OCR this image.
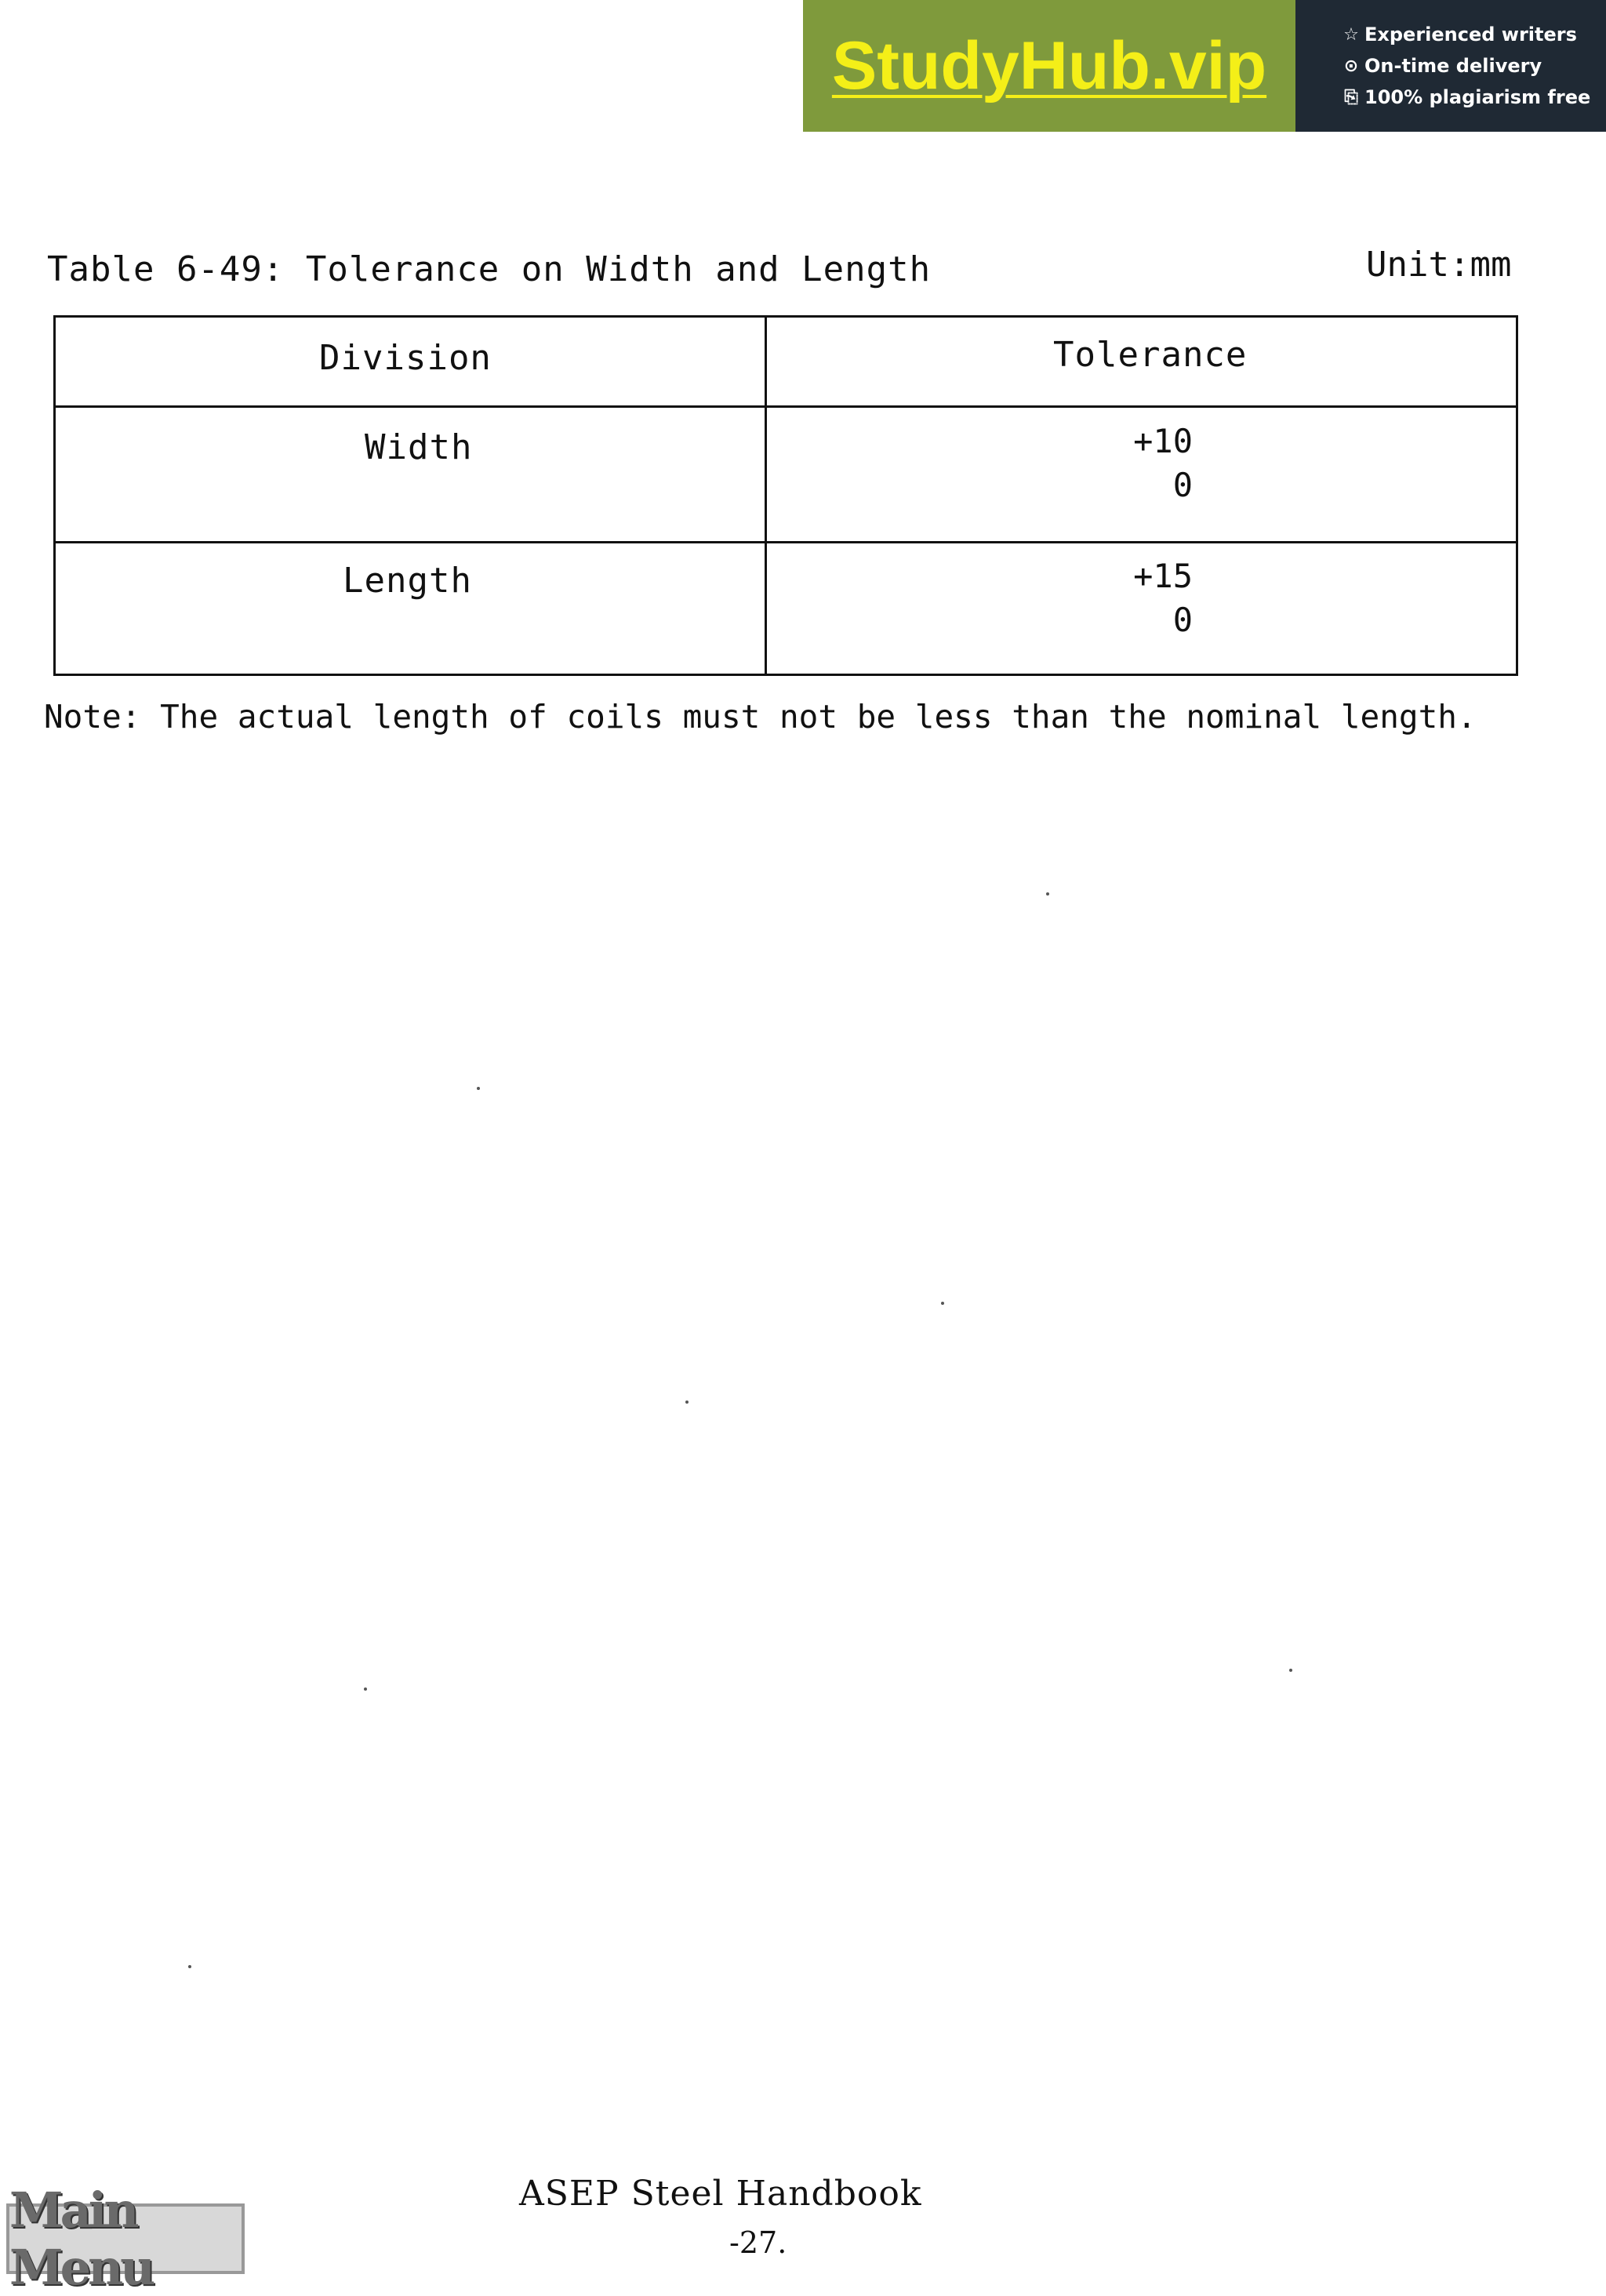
StudyHub.vip	☆ Experienced writers
⊙ On-time delivery
⎘ 100% plagiarism free
Table 6-49: Tolerance on Width and Length	Unit:mm
Division	Tolerance
Width	+10
0
Length	+15
0
Note: The actual length of coils must not be less than the nominal length.
ASEP Steel Handbook
-27.
Main Menu
